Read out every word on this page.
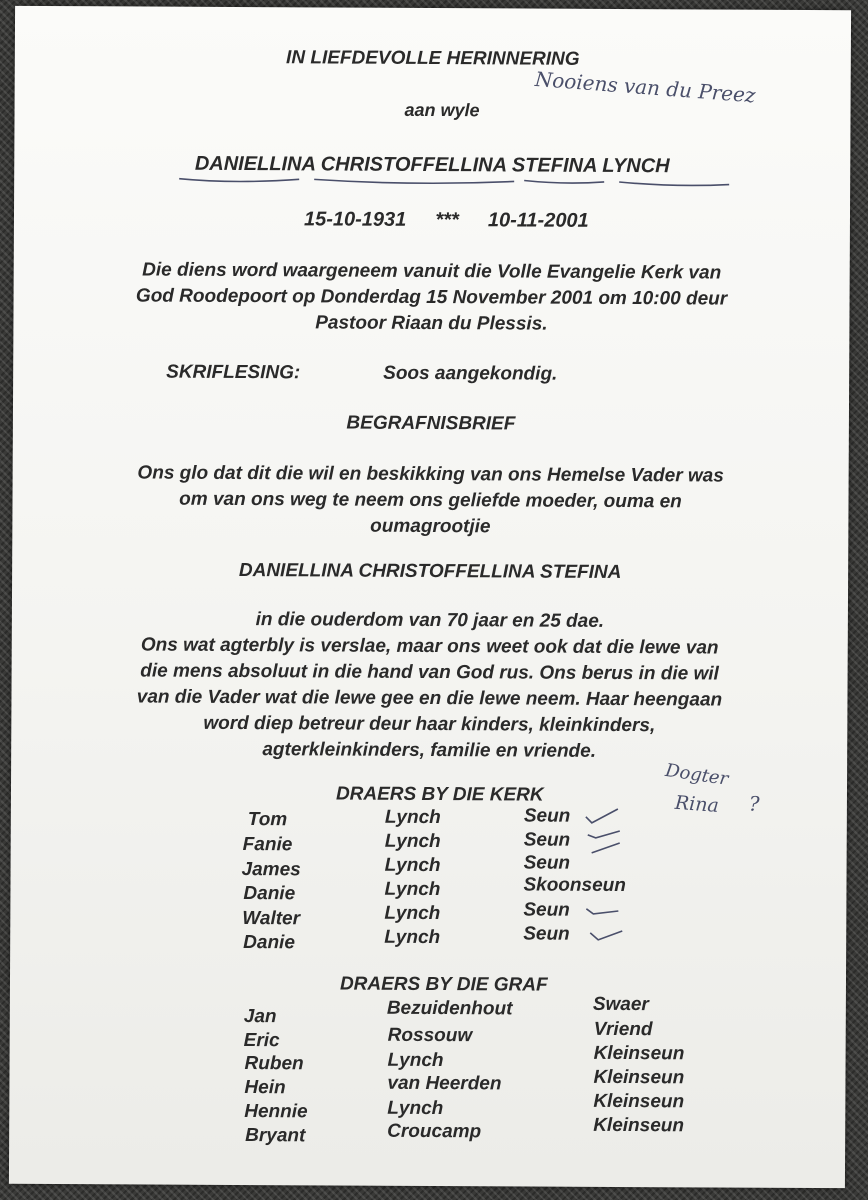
IN LIEFDEVOLLE HERINNERING
aan wyle
Nooiens van du Preez
DANIELLINA CHRISTOFFELLINA STEFINA LYNCH
15-10-1931 *** 10-11-2001
Die diens word waargeneem vanuit die Volle Evangelie Kerk van
God Roodepoort op Donderdag 15 November 2001 om 10:00 deur
Pastoor Riaan du Plessis.
SKRIFLESING:	Soos aangekondig.
BEGRAFNISBRIEF
Ons glo dat dit die wil en beskikking van ons Hemelse Vader was
om van ons weg te neem ons geliefde moeder, ouma en
oumagrootjie
DANIELLINA CHRISTOFFELLINA STEFINA
in die ouderdom van 70 jaar en 25 dae.
Ons wat agterbly is verslae, maar ons weet ook dat die lewe van
die mens absoluut in die hand van God rus. Ons berus in die wil
van die Vader wat die lewe gee en die lewe neem. Haar heengaan
word diep betreur deur haar kinders, kleinkinders,
agterkleinkinders, familie en vriende.
DRAERS BY DIE KERK
Dogter
Rina ?
Tom	Lynch	Seun
Fanie	Lynch	Seun
James	Lynch	Seun
Danie	Lynch	Skoonseun
Walter	Lynch	Seun
Danie	Lynch	Seun
DRAERS BY DIE GRAF
Jan	Bezuidenhout	Swaer
Eric	Rossouw	Vriend
Ruben	Lynch	Kleinseun
Hein	van Heerden	Kleinseun
Hennie	Lynch	Kleinseun
Bryant	Croucamp	Kleinseun
